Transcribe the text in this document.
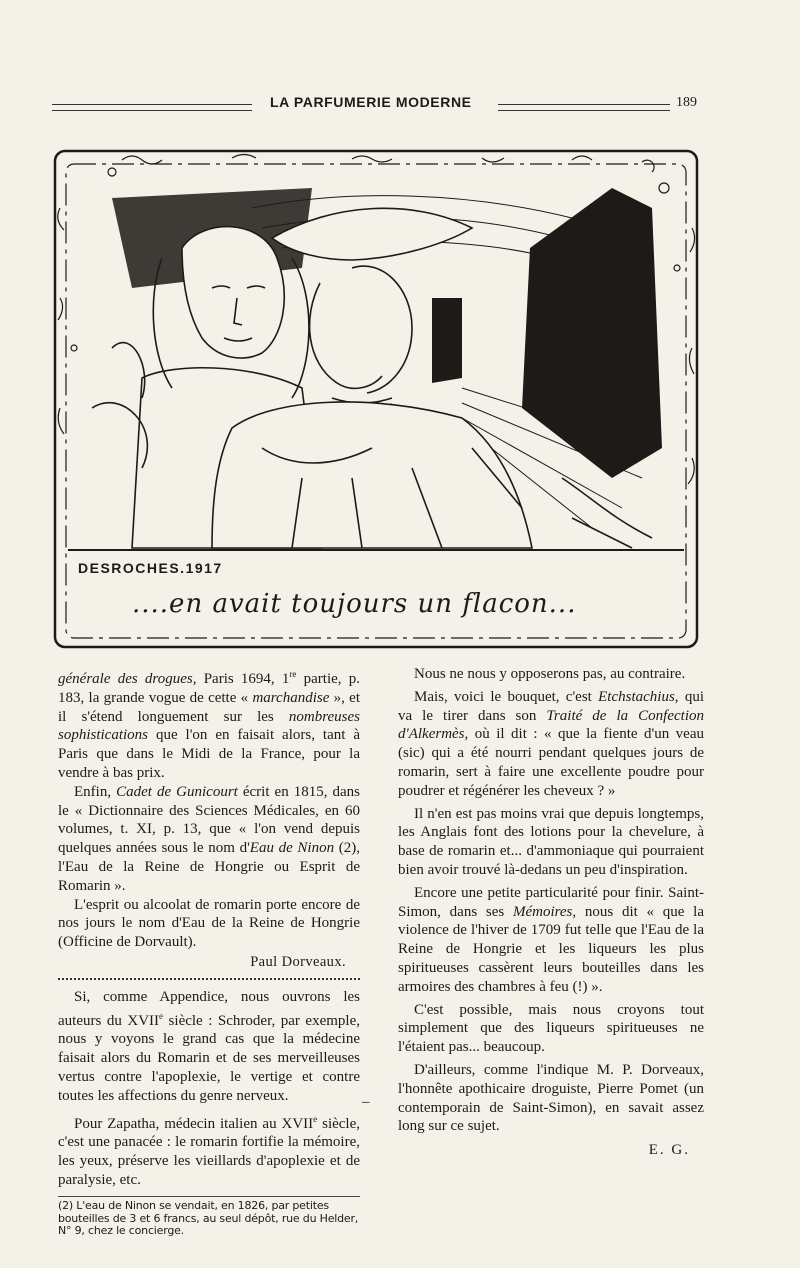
LA PARFUMERIE MODERNE	189
DESROCHES.1917
....en avait toujours un flacon...

générale des drogues, Paris 1694, 1re partie, p. 183, la grande vogue de cette « marchandise », et il s'étend longuement sur les nombreuses sophistications que l'on en faisait alors, tant à Paris que dans le Midi de la France, pour la vendre à bas prix.

Enfin, Cadet de Gunicourt écrit en 1815, dans le « Dictionnaire des Sciences Médicales, en 60 volumes, t. XI, p. 13, que « l'on vend depuis quelques années sous le nom d'Eau de Ninon (2), l'Eau de la Reine de Hongrie ou Esprit de Romarin ».

L'esprit ou alcoolat de romarin porte encore de nos jours le nom d'Eau de la Reine de Hongrie (Officine de Dorvault).

Paul Dorveaux.

Si, comme Appendice, nous ouvrons les auteurs du XVIIe siècle : Schroder, par exemple, nous y voyons le grand cas que la médecine faisait alors du Romarin et de ses merveilleuses vertus contre l'apoplexie, le vertige et contre toutes les affections du genre nerveux.

Pour Zapatha, médecin italien au XVIIe siècle, c'est une panacée : le romarin fortifie la mémoire, les yeux, préserve les vieillards d'apoplexie et de paralysie, etc.

(2) L'eau de Ninon se vendait, en 1826, par petites bouteilles de 3 et 6 francs, au seul dépôt, rue du Helder, N° 9, chez le concierge.
–

Nous ne nous y opposerons pas, au contraire.

Mais, voici le bouquet, c'est Etchstachius, qui va le tirer dans son Traité de la Confection d'Alkermès, où il dit : « que la fiente d'un veau (sic) qui a été nourri pendant quelques jours de romarin, sert à faire une excellente poudre pour poudrer et régénérer les cheveux ? »

Il n'en est pas moins vrai que depuis longtemps, les Anglais font des lotions pour la chevelure, à base de romarin et... d'ammoniaque qui pourraient bien avoir trouvé là-dedans un peu d'inspiration.

Encore une petite particularité pour finir. Saint-Simon, dans ses Mémoires, nous dit « que la violence de l'hiver de 1709 fut telle que l'Eau de la Reine de Hongrie et les liqueurs les plus spiritueuses cassèrent leurs bouteilles dans les armoires des chambres à feu (!) ».

C'est possible, mais nous croyons tout simplement que des liqueurs spiritueuses ne l'étaient pas... beaucoup.

D'ailleurs, comme l'indique M. P. Dorveaux, l'honnête apothicaire droguiste, Pierre Pomet (un contemporain de Saint-Simon), en savait assez long sur ce sujet.

E. G.
